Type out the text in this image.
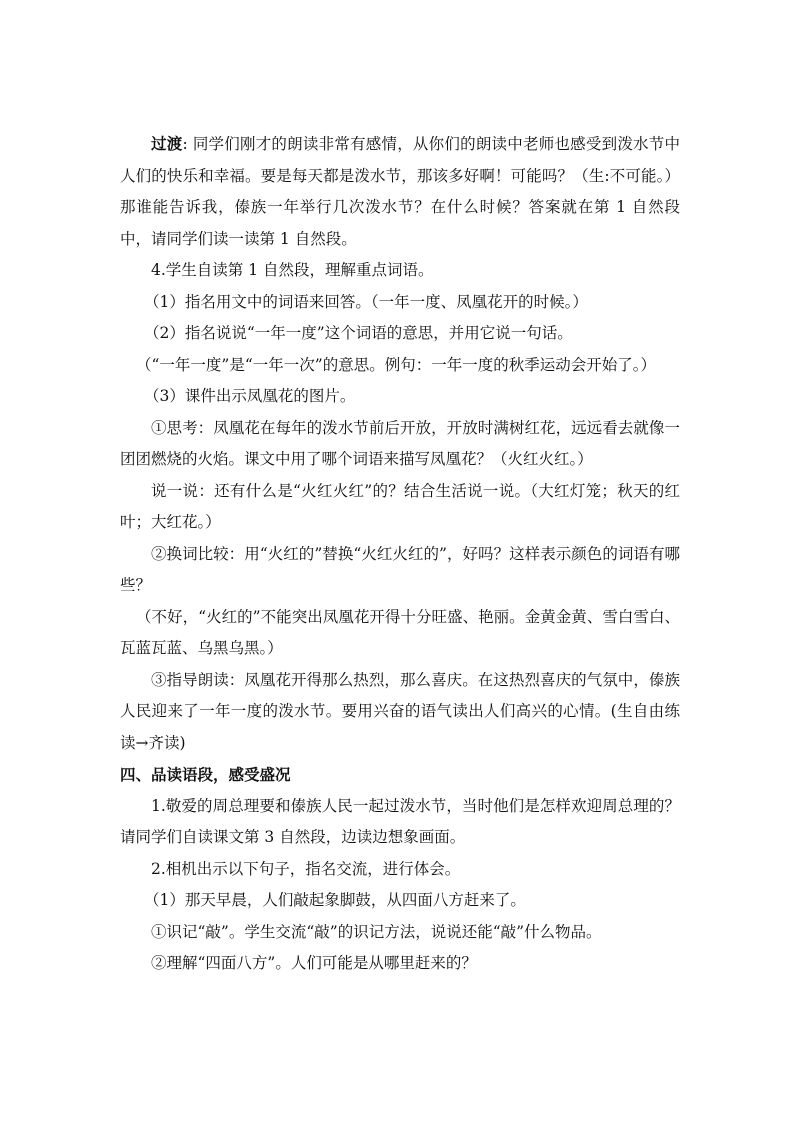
过渡: 同学们刚才的朗读非常有感情，从你们的朗读中老师也感受到泼水节中人们的快乐和幸福。要是每天都是泼水节，那该多好啊！可能吗？（生:不可能。）那谁能告诉我，傣族一年举行几次泼水节？在什么时候？答案就在第 1 自然段中，请同学们读一读第 1 自然段。

4.学生自读第 1 自然段，理解重点词语。

（1）指名用文中的词语来回答。（一年一度、凤凰花开的时候。）

（2）指名说说“一年一度”这个词语的意思，并用它说一句话。

（“一年一度”是“一年一次”的意思。例句：一年一度的秋季运动会开始了。）

（3）课件出示凤凰花的图片。

①思考：凤凰花在每年的泼水节前后开放，开放时满树红花，远远看去就像一团团燃烧的火焰。课文中用了哪个词语来描写凤凰花？（火红火红。）

说一说：还有什么是“火红火红”的？结合生活说一说。（大红灯笼；秋天的红叶；大红花。）

②换词比较：用“火红的”替换“火红火红的”，好吗？这样表示颜色的词语有哪些？

（不好，“火红的”不能突出凤凰花开得十分旺盛、艳丽。金黄金黄、雪白雪白、瓦蓝瓦蓝、乌黑乌黑。）

③指导朗读：凤凰花开得那么热烈，那么喜庆。在这热烈喜庆的气氛中，傣族人民迎来了一年一度的泼水节。要用兴奋的语气读出人们高兴的心情。(生自由练读→齐读)

四、品读语段，感受盛况

1.敬爱的周总理要和傣族人民一起过泼水节，当时他们是怎样欢迎周总理的？请同学们自读课文第 3 自然段，边读边想象画面。

2.相机出示以下句子，指名交流，进行体会。

（1）那天早晨，人们敲起象脚鼓，从四面八方赶来了。

①识记“敲”。学生交流“敲”的识记方法，说说还能“敲”什么物品。

②理解“四面八方”。人们可能是从哪里赶来的？
